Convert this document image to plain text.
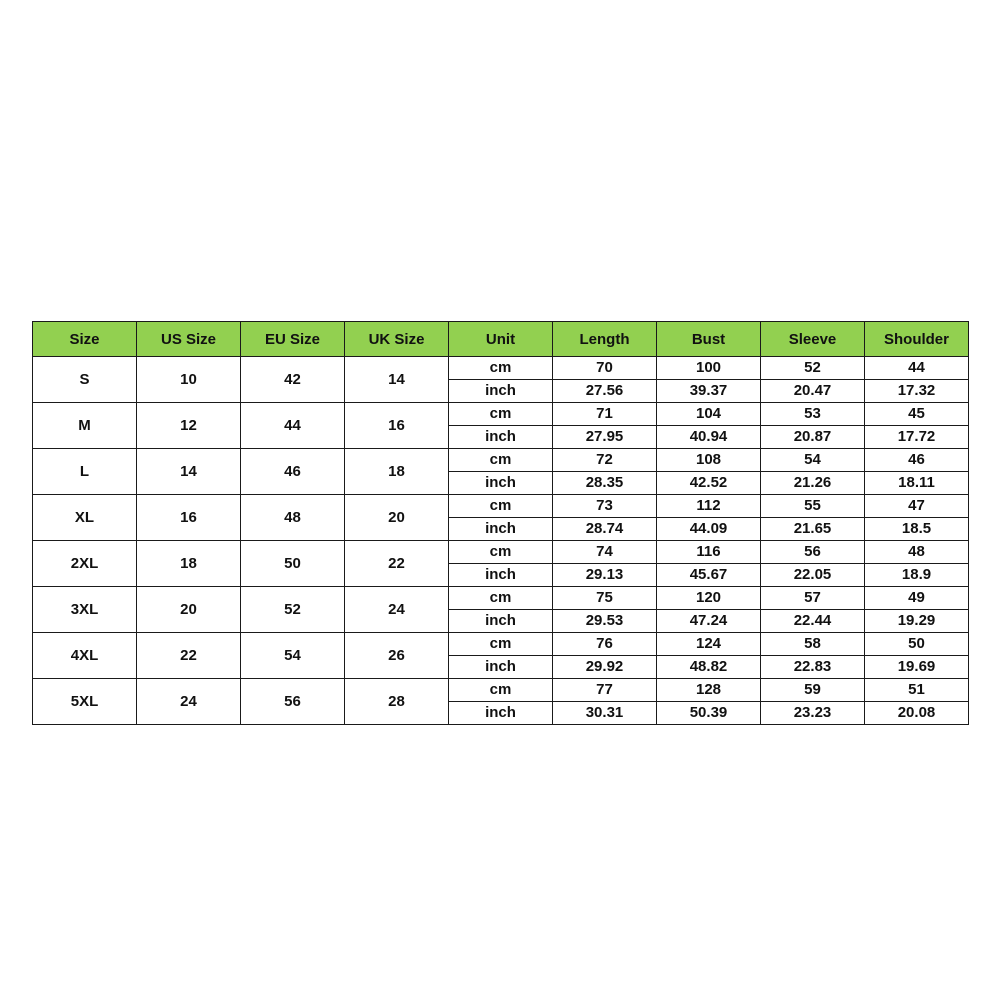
Size	US Size	EU Size	UK Size	Unit	Length	Bust	Sleeve	Shoulder
S	10	42	14	cm	70	100	52	44
				inch	27.56	39.37	20.47	17.32
M	12	44	16	cm	71	104	53	45
				inch	27.95	40.94	20.87	17.72
L	14	46	18	cm	72	108	54	46
				inch	28.35	42.52	21.26	18.11
XL	16	48	20	cm	73	112	55	47
				inch	28.74	44.09	21.65	18.5
2XL	18	50	22	cm	74	116	56	48
				inch	29.13	45.67	22.05	18.9
3XL	20	52	24	cm	75	120	57	49
				inch	29.53	47.24	22.44	19.29
4XL	22	54	26	cm	76	124	58	50
				inch	29.92	48.82	22.83	19.69
5XL	24	56	28	cm	77	128	59	51
				inch	30.31	50.39	23.23	20.08
